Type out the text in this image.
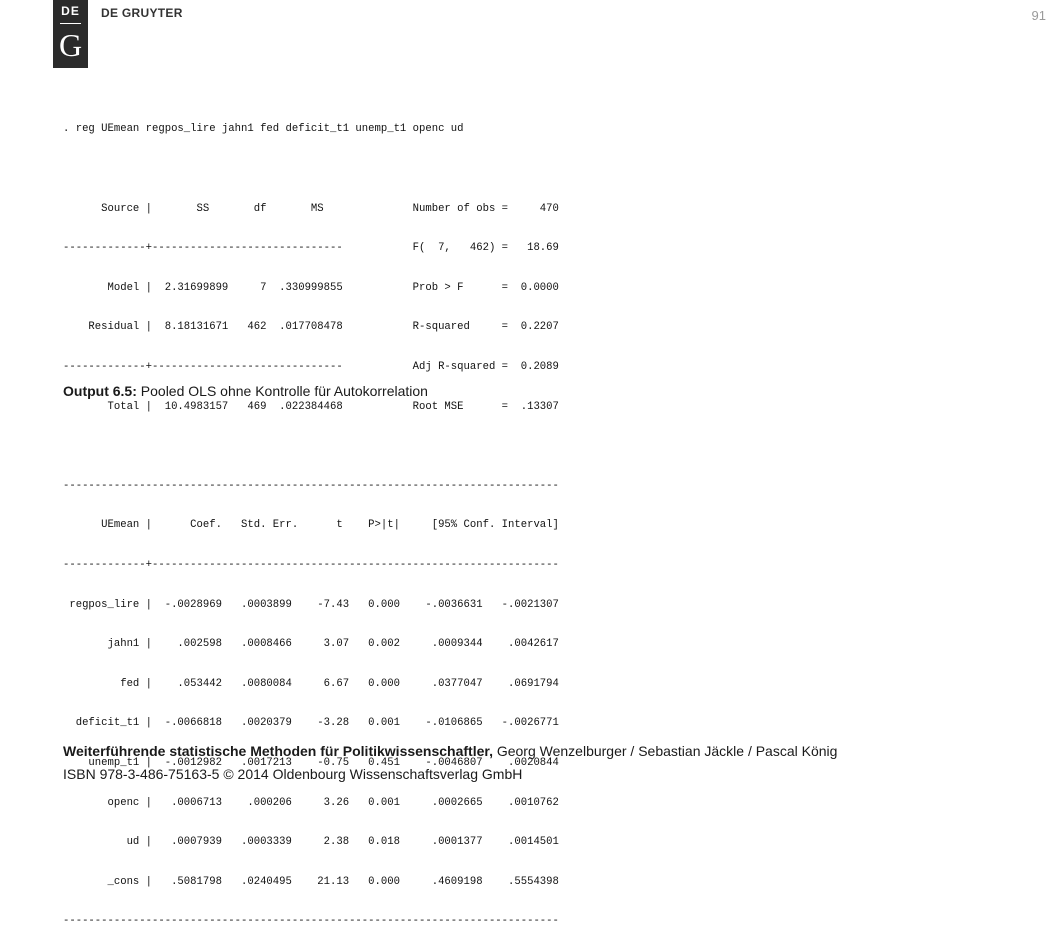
DE
G
DE GRUYTER	91

. reg UEmean regpos_lire jahn1 fed deficit_t1 unemp_t1 openc ud

Source |       SS       df       MS              Number of obs =     470

-------------+------------------------------           F(  7,   462) =   18.69

Model |  2.31699899     7  .330999855           Prob > F      =  0.0000

Residual |  8.18131671   462  .017708478           R-squared     =  0.2207

-------------+------------------------------           Adj R-squared =  0.2089

Total |  10.4983157   469  .022384468           Root MSE      =  .13307

------------------------------------------------------------------------------

UEmean |      Coef.   Std. Err.      t    P>|t|     [95% Conf. Interval]

-------------+----------------------------------------------------------------

regpos_lire |  -.0028969   .0003899    -7.43   0.000    -.0036631   -.0021307

jahn1 |    .002598   .0008466     3.07   0.002     .0009344    .0042617

fed |    .053442   .0080084     6.67   0.000     .0377047    .0691794

deficit_t1 |  -.0066818   .0020379    -3.28   0.001    -.0106865   -.0026771

unemp_t1 |  -.0012982   .0017213    -0.75   0.451    -.0046807    .0020844

openc |   .0006713    .000206     3.26   0.001     .0002665    .0010762

ud |   .0007939   .0003339     2.38   0.018     .0001377    .0014501

_cons |   .5081798   .0240495    21.13   0.000     .4609198    .5554398

------------------------------------------------------------------------------

Output 6.5: Pooled OLS ohne Kontrolle für Autokorrelation
Weiterführende statistische Methoden für Politikwissenschaftler, Georg Wenzelburger / Sebastian Jäckle / Pascal König
ISBN 978-3-486-75163-5 © 2014 Oldenbourg Wissenschaftsverlag GmbH
